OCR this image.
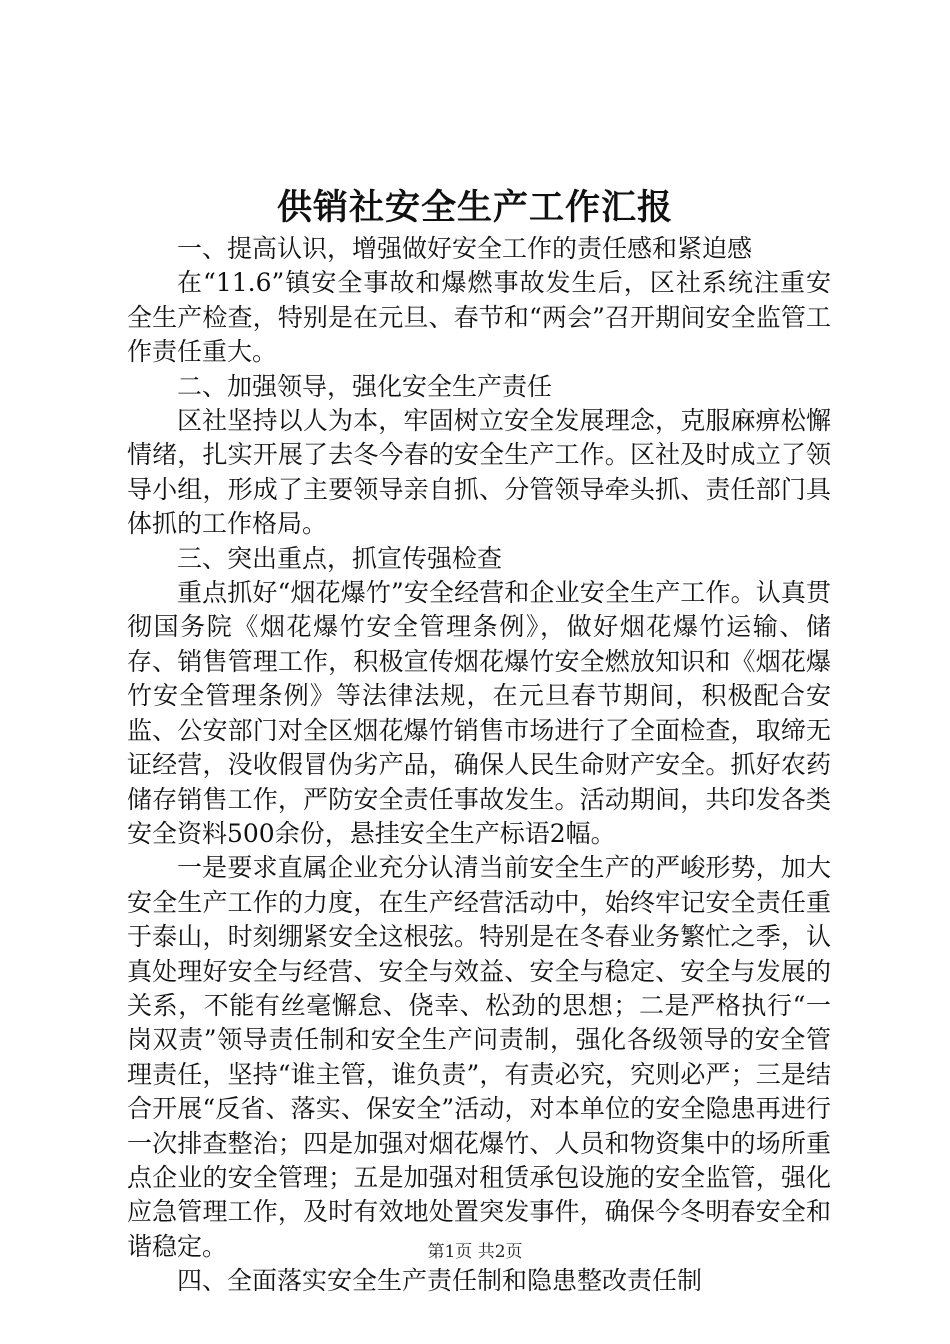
供销社安全生产工作汇报

一、提高认识，增强做好安全工作的责任感和紧迫感

在“11.6”镇安全事故和爆燃事故发生后，区社系统注重安全生产检查，特别是在元旦、春节和“两会”召开期间安全监管工作责任重大。

二、加强领导，强化安全生产责任

区社坚持以人为本，牢固树立安全发展理念，克服麻痹松懈情绪，扎实开展了去冬今春的安全生产工作。区社及时成立了领导小组，形成了主要领导亲自抓、分管领导牵头抓、责任部门具体抓的工作格局。

三、突出重点，抓宣传强检查

重点抓好“烟花爆竹”安全经营和企业安全生产工作。认真贯彻国务院《烟花爆竹安全管理条例》，做好烟花爆竹运输、储存、销售管理工作，积极宣传烟花爆竹安全燃放知识和《烟花爆竹安全管理条例》等法律法规，在元旦春节期间，积极配合安监、公安部门对全区烟花爆竹销售市场进行了全面检查，取缔无证经营，没收假冒伪劣产品，确保人民生命财产安全。抓好农药储存销售工作，严防安全责任事故发生。活动期间，共印发各类安全资料500余份，悬挂安全生产标语2幅。

一是要求直属企业充分认清当前安全生产的严峻形势，加大安全生产工作的力度，在生产经营活动中，始终牢记安全责任重于泰山，时刻绷紧安全这根弦。特别是在冬春业务繁忙之季，认真处理好安全与经营、安全与效益、安全与稳定、安全与发展的关系，不能有丝毫懈怠、侥幸、松劲的思想；二是严格执行“一岗双责”领导责任制和安全生产问责制，强化各级领导的安全管理责任，坚持“谁主管，谁负责”，有责必究，究则必严；三是结合开展“反省、落实、保安全”活动，对本单位的安全隐患再进行一次排查整治；四是加强对烟花爆竹、人员和物资集中的场所重点企业的安全管理；五是加强对租赁承包设施的安全监管，强化应急管理工作，及时有效地处置突发事件，确保今冬明春安全和谐稳定。

四、全面落实安全生产责任制和隐患整改责任制

第1页 共2页
